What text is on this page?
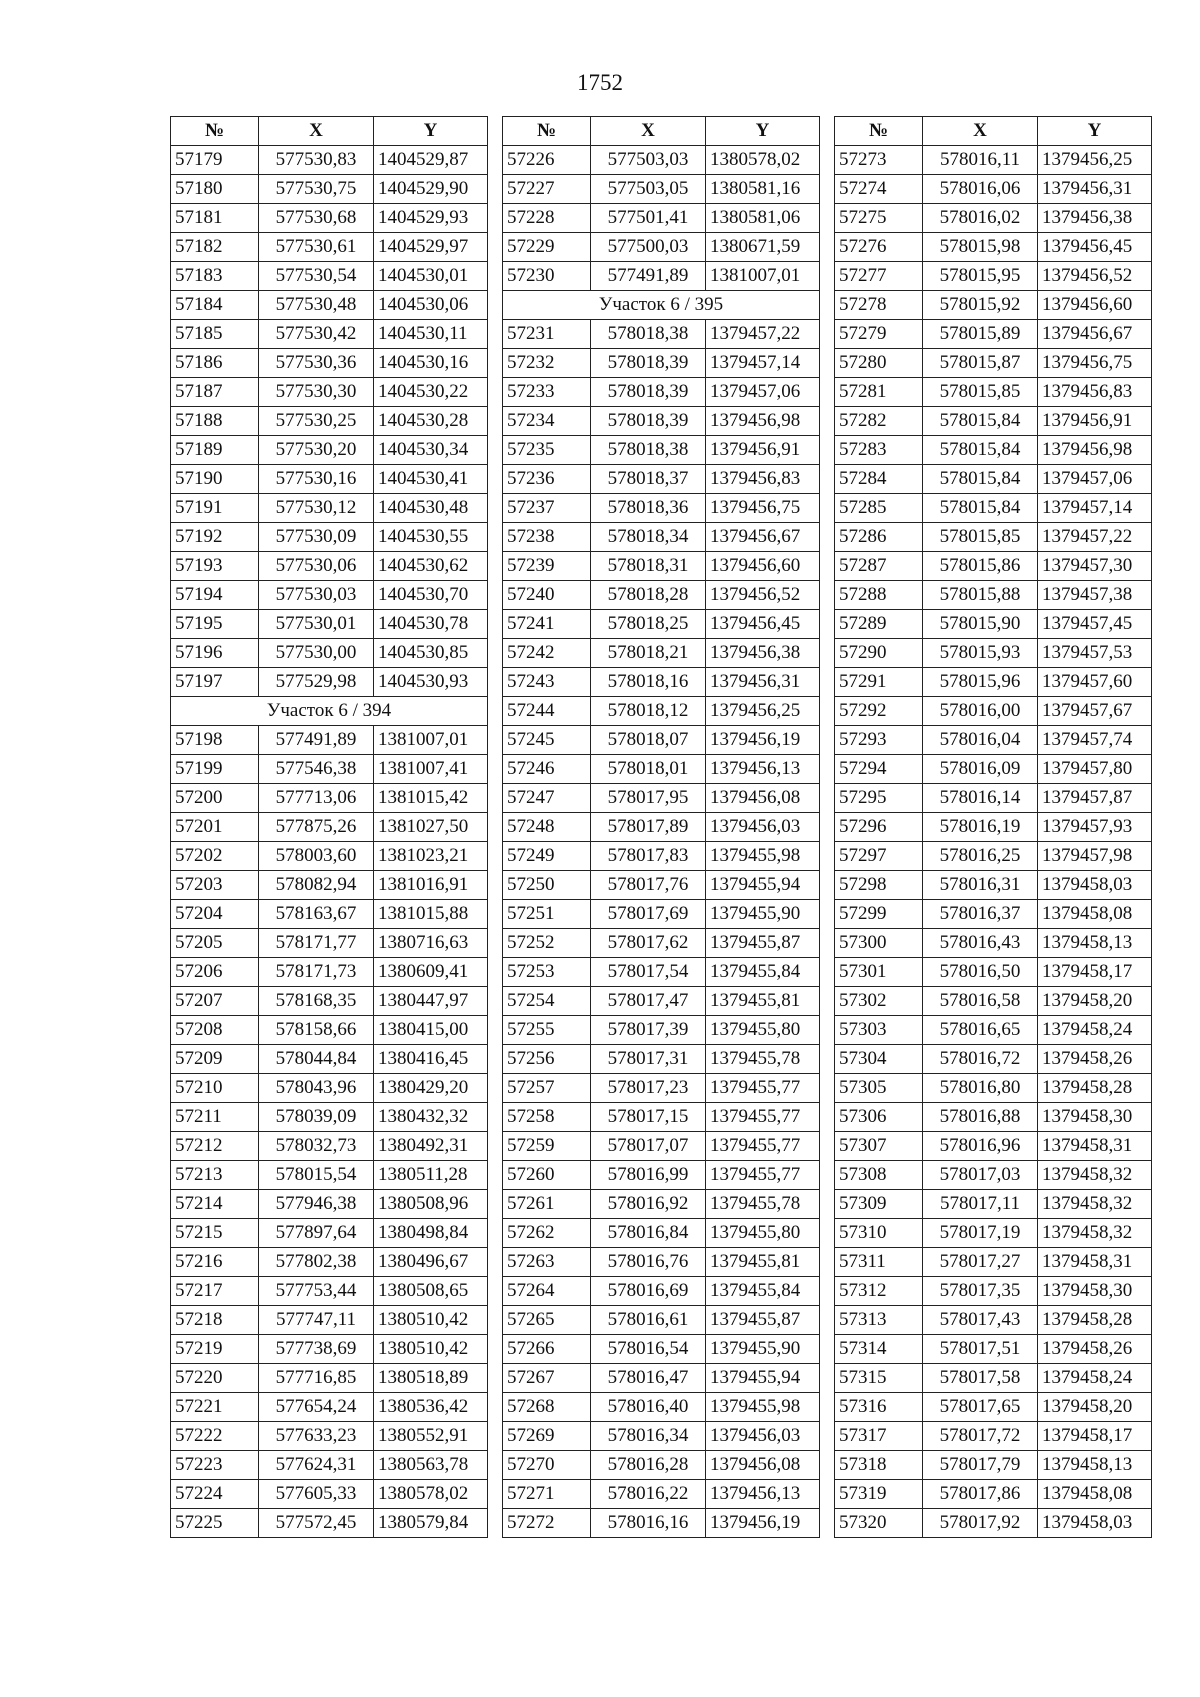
1752
№	X	Y
57179	577530,83	1404529,87
57180	577530,75	1404529,90
57181	577530,68	1404529,93
57182	577530,61	1404529,97
57183	577530,54	1404530,01
57184	577530,48	1404530,06
57185	577530,42	1404530,11
57186	577530,36	1404530,16
57187	577530,30	1404530,22
57188	577530,25	1404530,28
57189	577530,20	1404530,34
57190	577530,16	1404530,41
57191	577530,12	1404530,48
57192	577530,09	1404530,55
57193	577530,06	1404530,62
57194	577530,03	1404530,70
57195	577530,01	1404530,78
57196	577530,00	1404530,85
57197	577529,98	1404530,93
Участок 6 / 394		
57198	577491,89	1381007,01
57199	577546,38	1381007,41
57200	577713,06	1381015,42
57201	577875,26	1381027,50
57202	578003,60	1381023,21
57203	578082,94	1381016,91
57204	578163,67	1381015,88
57205	578171,77	1380716,63
57206	578171,73	1380609,41
57207	578168,35	1380447,97
57208	578158,66	1380415,00
57209	578044,84	1380416,45
57210	578043,96	1380429,20
57211	578039,09	1380432,32
57212	578032,73	1380492,31
57213	578015,54	1380511,28
57214	577946,38	1380508,96
57215	577897,64	1380498,84
57216	577802,38	1380496,67
57217	577753,44	1380508,65
57218	577747,11	1380510,42
57219	577738,69	1380510,42
57220	577716,85	1380518,89
57221	577654,24	1380536,42
57222	577633,23	1380552,91
57223	577624,31	1380563,78
57224	577605,33	1380578,02
57225	577572,45	1380579,84
№	X	Y
57226	577503,03	1380578,02
57227	577503,05	1380581,16
57228	577501,41	1380581,06
57229	577500,03	1380671,59
57230	577491,89	1381007,01
Участок 6 / 395		
57231	578018,38	1379457,22
57232	578018,39	1379457,14
57233	578018,39	1379457,06
57234	578018,39	1379456,98
57235	578018,38	1379456,91
57236	578018,37	1379456,83
57237	578018,36	1379456,75
57238	578018,34	1379456,67
57239	578018,31	1379456,60
57240	578018,28	1379456,52
57241	578018,25	1379456,45
57242	578018,21	1379456,38
57243	578018,16	1379456,31
57244	578018,12	1379456,25
57245	578018,07	1379456,19
57246	578018,01	1379456,13
57247	578017,95	1379456,08
57248	578017,89	1379456,03
57249	578017,83	1379455,98
57250	578017,76	1379455,94
57251	578017,69	1379455,90
57252	578017,62	1379455,87
57253	578017,54	1379455,84
57254	578017,47	1379455,81
57255	578017,39	1379455,80
57256	578017,31	1379455,78
57257	578017,23	1379455,77
57258	578017,15	1379455,77
57259	578017,07	1379455,77
57260	578016,99	1379455,77
57261	578016,92	1379455,78
57262	578016,84	1379455,80
57263	578016,76	1379455,81
57264	578016,69	1379455,84
57265	578016,61	1379455,87
57266	578016,54	1379455,90
57267	578016,47	1379455,94
57268	578016,40	1379455,98
57269	578016,34	1379456,03
57270	578016,28	1379456,08
57271	578016,22	1379456,13
57272	578016,16	1379456,19
№	X	Y
57273	578016,11	1379456,25
57274	578016,06	1379456,31
57275	578016,02	1379456,38
57276	578015,98	1379456,45
57277	578015,95	1379456,52
57278	578015,92	1379456,60
57279	578015,89	1379456,67
57280	578015,87	1379456,75
57281	578015,85	1379456,83
57282	578015,84	1379456,91
57283	578015,84	1379456,98
57284	578015,84	1379457,06
57285	578015,84	1379457,14
57286	578015,85	1379457,22
57287	578015,86	1379457,30
57288	578015,88	1379457,38
57289	578015,90	1379457,45
57290	578015,93	1379457,53
57291	578015,96	1379457,60
57292	578016,00	1379457,67
57293	578016,04	1379457,74
57294	578016,09	1379457,80
57295	578016,14	1379457,87
57296	578016,19	1379457,93
57297	578016,25	1379457,98
57298	578016,31	1379458,03
57299	578016,37	1379458,08
57300	578016,43	1379458,13
57301	578016,50	1379458,17
57302	578016,58	1379458,20
57303	578016,65	1379458,24
57304	578016,72	1379458,26
57305	578016,80	1379458,28
57306	578016,88	1379458,30
57307	578016,96	1379458,31
57308	578017,03	1379458,32
57309	578017,11	1379458,32
57310	578017,19	1379458,32
57311	578017,27	1379458,31
57312	578017,35	1379458,30
57313	578017,43	1379458,28
57314	578017,51	1379458,26
57315	578017,58	1379458,24
57316	578017,65	1379458,20
57317	578017,72	1379458,17
57318	578017,79	1379458,13
57319	578017,86	1379458,08
57320	578017,92	1379458,03
